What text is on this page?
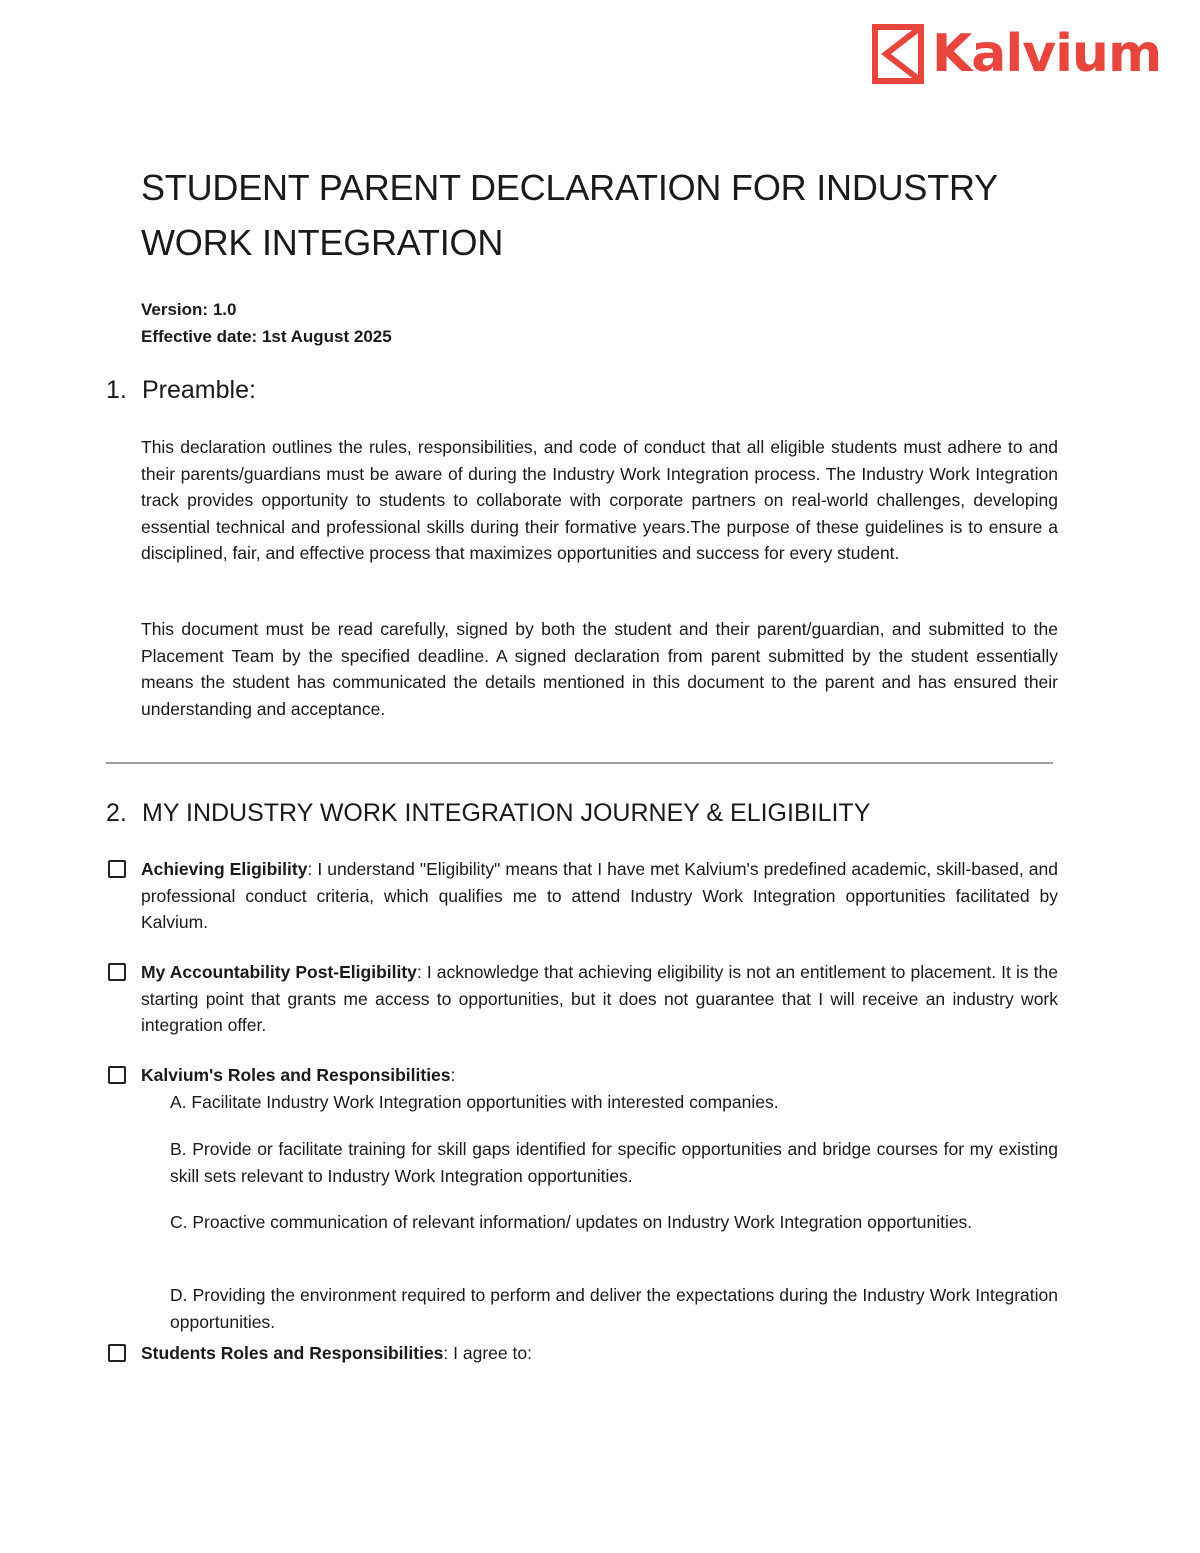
Kalvium
STUDENT PARENT DECLARATION FOR INDUSTRY WORK INTEGRATION
Version: 1.0
Effective date: 1st August 2025
1. Preamble:

This declaration outlines the rules, responsibilities, and code of conduct that all eligible students must adhere to and their parents/guardians must be aware of during the Industry Work Integration process. The Industry Work Integration track provides opportunity to students to collaborate with corporate partners on real-world challenges, developing essential technical and professional skills during their formative years.The purpose of these guidelines is to ensure a disciplined, fair, and effective process that maximizes opportunities and success for every student.

This document must be read carefully, signed by both the student and their parent/guardian, and submitted to the Placement Team by the specified deadline. A signed declaration from parent submitted by the student essentially means the student has communicated the details mentioned in this document to the parent and has ensured their understanding and acceptance.

2. MY INDUSTRY WORK INTEGRATION JOURNEY & ELIGIBILITY
Achieving Eligibility: I understand "Eligibility" means that I have met Kalvium's predefined academic, skill-based, and professional conduct criteria, which qualifies me to attend Industry Work Integration opportunities facilitated by Kalvium.
My Accountability Post-Eligibility: I acknowledge that achieving eligibility is not an entitlement to placement. It is the starting point that grants me access to opportunities, but it does not guarantee that I will receive an industry work integration offer.
Kalvium's Roles and Responsibilities:

A. Facilitate Industry Work Integration opportunities with interested companies.

B. Provide or facilitate training for skill gaps identified for specific opportunities and bridge courses for my existing skill sets relevant to Industry Work Integration opportunities.

C. Proactive communication of relevant information/ updates on Industry Work Integration opportunities.

D. Providing the environment required to perform and deliver the expectations during the Industry Work Integration opportunities.

Students Roles and Responsibilities: I agree to:
